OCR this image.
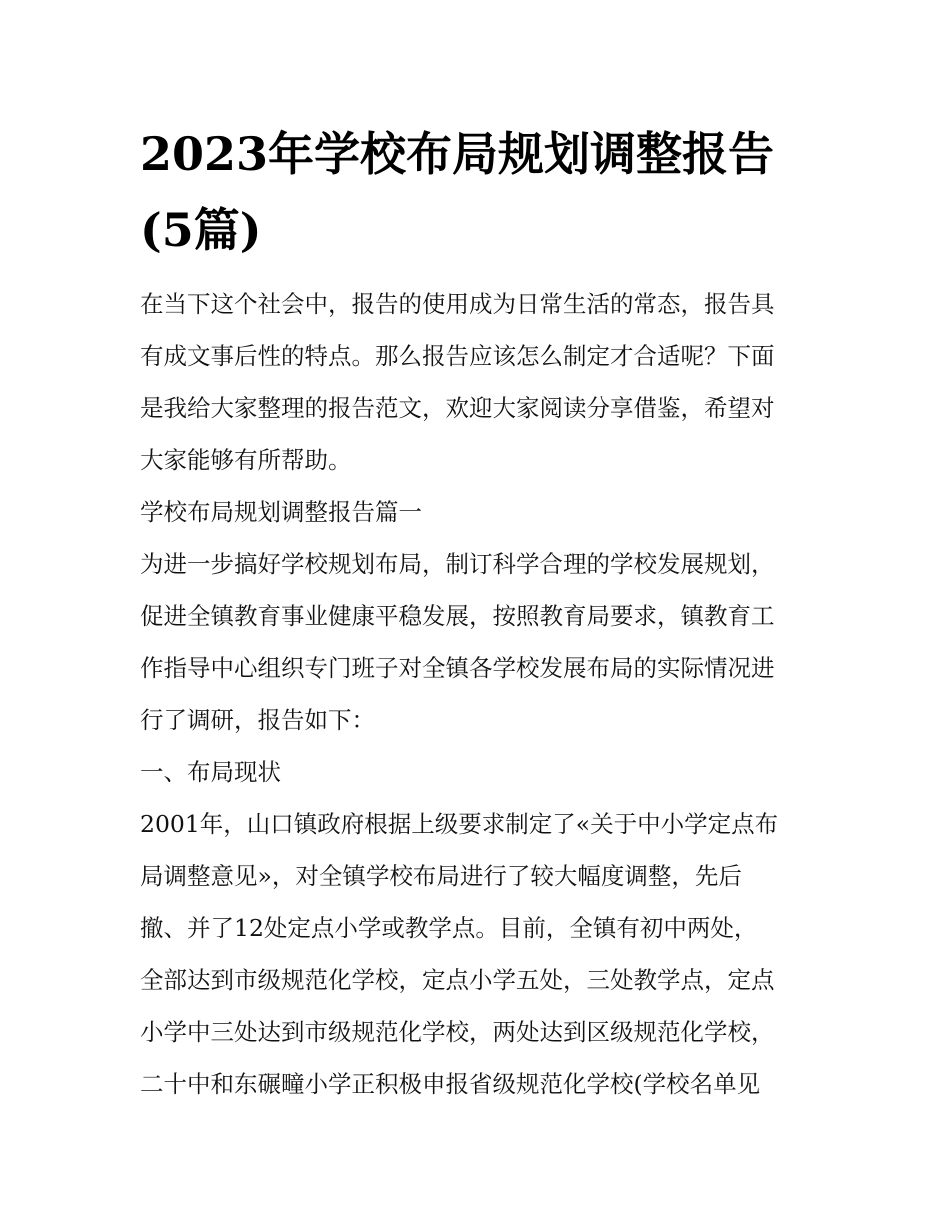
2023年学校布局规划调整报告
(5篇)

在当下这个社会中，报告的使用成为日常生活的常态，报告具

有成文事后性的特点。那么报告应该怎么制定才合适呢？下面

是我给大家整理的报告范文，欢迎大家阅读分享借鉴，希望对

大家能够有所帮助。

学校布局规划调整报告篇一

为进一步搞好学校规划布局，制订科学合理的学校发展规划，

促进全镇教育事业健康平稳发展，按照教育局要求，镇教育工

作指导中心组织专门班子对全镇各学校发展布局的实际情况进

行了调研，报告如下：

一、布局现状

2001年，山口镇政府根据上级要求制定了«关于中小学定点布

局调整意见»，对全镇学校布局进行了较大幅度调整，先后

撤、并了12处定点小学或教学点。目前，全镇有初中两处，

全部达到市级规范化学校，定点小学五处，三处教学点，定点

小学中三处达到市级规范化学校，两处达到区级规范化学校，

二十中和东碾疃小学正积极申报省级规范化学校(学校名单见
